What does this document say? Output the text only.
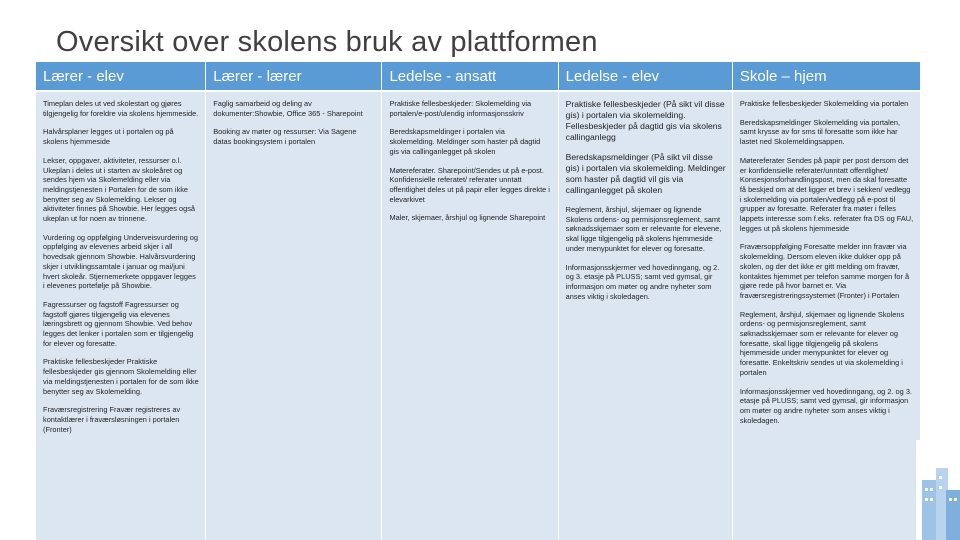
Oversikt over skolens bruk av plattformen
Lærer - elev

Timeplan deles ut ved skolestart og gjøres tilgjengelig for foreldre via skolens hjemmeside.

Halvårsplaner legges ut i portalen og på skolens hjemmeside

Lekser, oppgaver, aktiviteter, ressurser o.l. Ukeplan i deles ut i starten av skoleåret og sendes hjem via Skolemelding eller via meldingstjenesten i Portalen for de som ikke benytter seg av Skolemelding. Lekser og aktiviteter finnes på Showbie. Her legges også ukeplan ut for noen av trinnene.

Vurdering og oppfølging Underveisvurdering og oppfølging av elevenes arbeid skjer i all hovedsak gjennom Showbie. Halvårsvurdering skjer i utviklingssamtale i januar og mai/juni hvert skoleår. Stjernemerkete oppgaver legges i elevenes portefølje på Showbie.

Fagressurser og fagstoff Fagressurser og fagstoff gjøres tilgjengelig via elevenes læringsbrett og gjennom Showbie. Ved behov legges det lenker i portalen som er tilgjengelig for elever og foresatte.

Praktiske fellesbeskjeder Praktiske fellesbeskjeder gis gjennom Skolemelding eller via meldingstjenesten i portalen for de som ikke benytter seg av Skolemelding.

Fraværsregistrering Fravær registreres av kontaktlærer i fraværsløsningen i portalen (Fronter)

Lærer - lærer

Faglig samarbeid og deling av dokumenter:Showbie, Office 365 - Sharepoint

Booking av møter og ressurser: Via Sagene datas bookingsystem i portalen

Ledelse - ansatt

Praktiske fellesbeskjeder: Skolemelding via portalen/e-post/ulendig informasjonsskriv

Beredskapsmeldinger i portalen via skolemelding. Meldinger som haster på dagtid gis via callinganlegget på skolen

Møtereferater. Sharepoint/Sendes ut på e-post. Konfidensielle referatet/ referater unntatt offentlighet deles ut på papir eller legges direkte i elevarkivet

Maler, skjemaer, årshjul og lignende Sharepoint

Ledelse - elev

Praktiske fellesbeskjeder (På sikt vil disse gis) i portalen via skolemelding. Fellesbeskjeder på dagtid gis via skolens callinganlegg

Beredskapsmeldinger (På sikt vil disse gis) i portalen via skolemelding. Meldinger som haster på dagtid vil gis via callinganlegget på skolen

Reglement, årshjul, skjemaer og lignende Skolens ordens- og permisjonsreglement, samt søknadsskjemaer som er relevante for elevene, skal ligge tilgjengelig på skolens hjemmeside under menypunktet for elever og foresatte.

Informasjonsskjermer ved hovedinngang, og 2. og 3. etasje på PLUSS; samt ved gymsal, gir informasjon om møter og andre nyheter som anses viktig i skoledagen.

Skole – hjem

Praktiske fellesbeskjeder Skolemelding via portalen

Beredskapsmeldinger Skolemelding via portalen, samt krysse av for sms til foresatte som ikke har lastet ned Skolemeldingsappen.

Møtereferater Sendes på papir per post dersom det er konfidensielle referater/unntatt offentlighet/ Konsesjonsforhandlingspost, men da skal foresatte få beskjed om at det ligger et brev i sekken/ vedlegg i skolemelding via portalen/vedlegg på e-post til grupper av foresatte. Referater fra møter i felles lappets interesse som f.eks. referater fra DS og FAU, legges ut på skolens hjemmeside

Fraværsoppfølging Foresatte melder inn fravær via skolemelding. Dersom eleven ikke dukker opp på skolen, og der det ikke er gitt melding om fravær, kontaktes hjemmet per telefon samme morgen for å gjøre rede på hvor barnet er. Via fraværsregistreringssystemet (Fronter) i Portalen

Reglement, årshjul, skjemaer og lignende Skolens ordens- og permisjonsreglement, samt søknadsskjemaer som er relevante for elever og foresatte, skal ligge tilgjengelig på skolens hjemmeside under menypunktet for elever og foresatte. Enkeltskriv sendes ut via skolemelding i portalen

Informasjonsskjermer ved hovedinngang, og 2. og 3. etasje på PLUSS; samt ved gymsal, gir informasjon om møter og andre nyheter som anses viktig i skoledagen.
